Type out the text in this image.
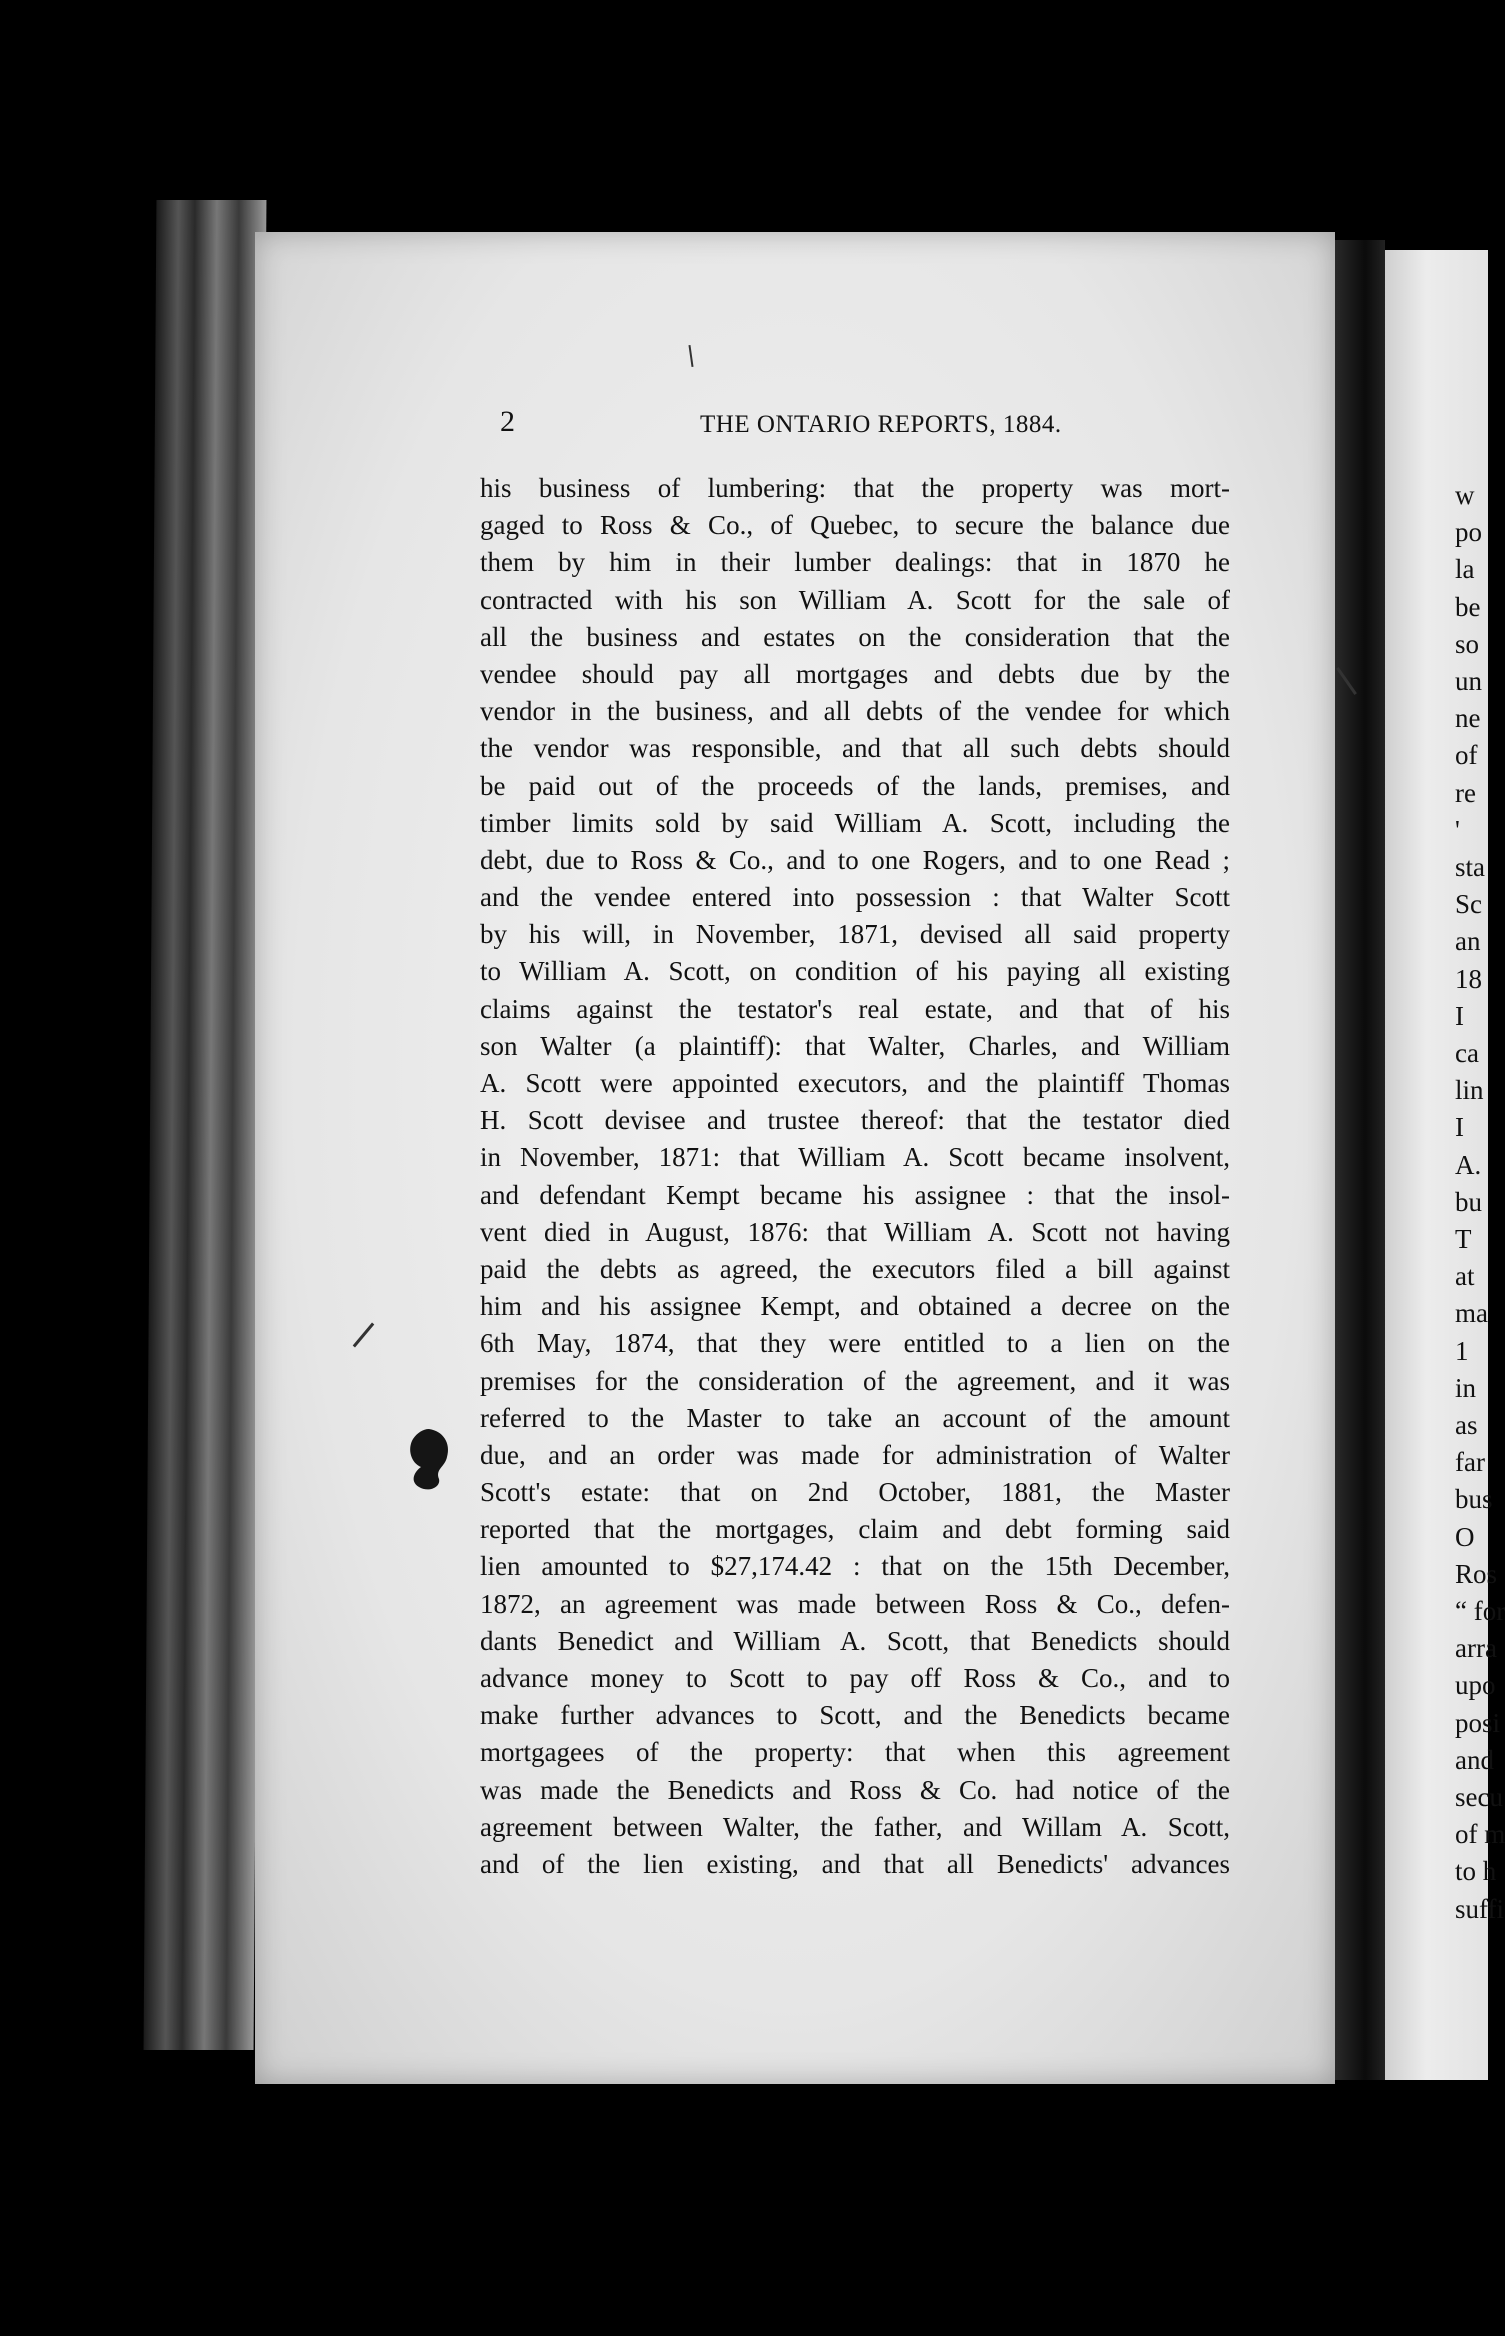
2	THE ONTARIO REPORTS, 1884.
his business of lumbering: that the property was mort-
gaged to Ross & Co., of Quebec, to secure the balance due
them by him in their lumber dealings: that in 1870 he
contracted with his son William A. Scott for the sale of
all the business and estates on the consideration that the
vendee should pay all mortgages and debts due by the
vendor in the business, and all debts of the vendee for which
the vendor was responsible, and that all such debts should
be paid out of the proceeds of the lands, premises, and
timber limits sold by said William A. Scott, including the
debt, due to Ross & Co., and to one Rogers, and to one Read ;
and the vendee entered into possession : that Walter Scott
by his will, in November, 1871, devised all said property
to William A. Scott, on condition of his paying all existing
claims against the testator's real estate, and that of his
son Walter (a plaintiff): that Walter, Charles, and William
A. Scott were appointed executors, and the plaintiff Thomas
H. Scott devisee and trustee thereof: that the testator died
in November, 1871: that William A. Scott became insolvent,
and defendant Kempt became his assignee : that the insol-
vent died in August, 1876: that William A. Scott not having
paid the debts as agreed, the executors filed a bill against
him and his assignee Kempt, and obtained a decree on the
6th May, 1874, that they were entitled to a lien on the
premises for the consideration of the agreement, and it was
referred to the Master to take an account of the amount
due, and an order was made for administration of Walter
Scott's estate: that on 2nd October, 1881, the Master
reported that the mortgages, claim and debt forming said
lien amounted to $27,174.42 : that on the 15th December,
1872, an agreement was made between Ross & Co., defen-
dants Benedict and William A. Scott, that Benedicts should
advance money to Scott to pay off Ross & Co., and to
make further advances to Scott, and the Benedicts became
mortgagees of the property: that when this agreement
was made the Benedicts and Ross & Co. had notice of the
agreement between Walter, the father, and Willam A. Scott,
and of the lien existing, and that all Benedicts' advances
w
po
la
be
so
un
ne
of
re
'
sta
Sc
an
18
I
ca
lin
I
A.
bu
T
at
ma
1
in
as
far
bus
O
Ros
“ for
arra
upo
posi
and
secu
of m
to h
suffi
